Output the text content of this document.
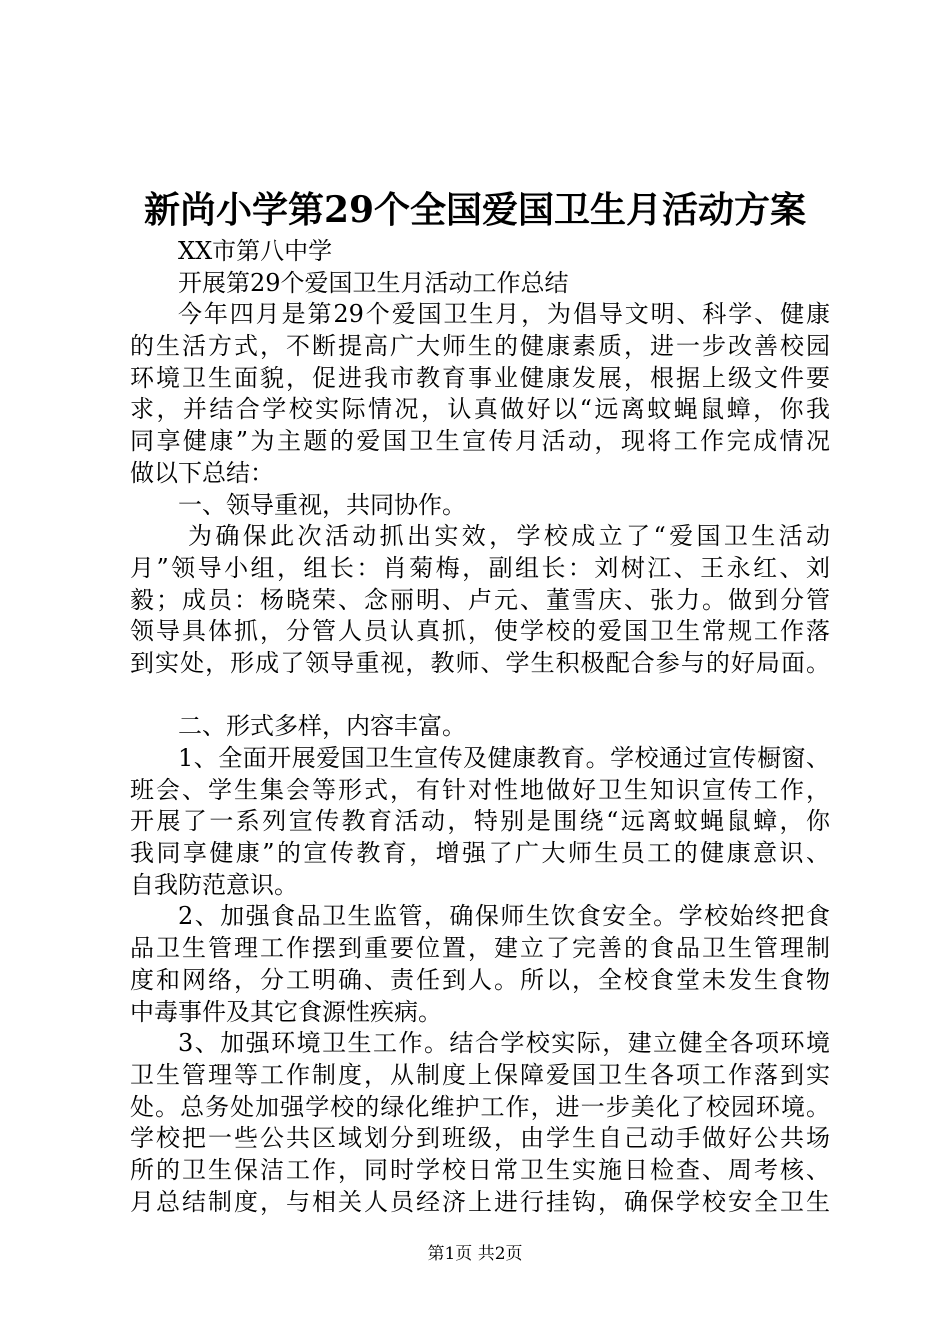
新尚小学第29个全国爱国卫生月活动方案
XX市第八中学
开展第29个爱国卫生月活动工作总结
今年四月是第29个爱国卫生月，为倡导文明、科学、健康
的生活方式，不断提高广大师生的健康素质，进一步改善校园
环境卫生面貌，促进我市教育事业健康发展，根据上级文件要
求，并结合学校实际情况，认真做好以“远离蚊蝇鼠蟑，你我
同享健康”为主题的爱国卫生宣传月活动，现将工作完成情况
做以下总结：
一、领导重视，共同协作。
为确保此次活动抓出实效，学校成立了“爱国卫生活动
月”领导小组，组长：肖菊梅，副组长：刘树江、王永红、刘
毅；成员：杨晓荣、念丽明、卢元、董雪庆、张力。做到分管
领导具体抓，分管人员认真抓，使学校的爱国卫生常规工作落
到实处，形成了领导重视，教师、学生积极配合参与的好局面。
二、形式多样，内容丰富。
1、全面开展爱国卫生宣传及健康教育。学校通过宣传橱窗、
班会、学生集会等形式，有针对性地做好卫生知识宣传工作，
开展了一系列宣传教育活动，特别是围绕“远离蚊蝇鼠蟑，你
我同享健康”的宣传教育，增强了广大师生员工的健康意识、
自我防范意识。
2、加强食品卫生监管，确保师生饮食安全。学校始终把食
品卫生管理工作摆到重要位置，建立了完善的食品卫生管理制
度和网络，分工明确、责任到人。所以，全校食堂未发生食物
中毒事件及其它食源性疾病。
3、加强环境卫生工作。结合学校实际，建立健全各项环境
卫生管理等工作制度，从制度上保障爱国卫生各项工作落到实
处。总务处加强学校的绿化维护工作，进一步美化了校园环境。
学校把一些公共区域划分到班级，由学生自己动手做好公共场
所的卫生保洁工作，同时学校日常卫生实施日检查、周考核、
月总结制度，与相关人员经济上进行挂钩，确保学校安全卫生
第1页 共2页
